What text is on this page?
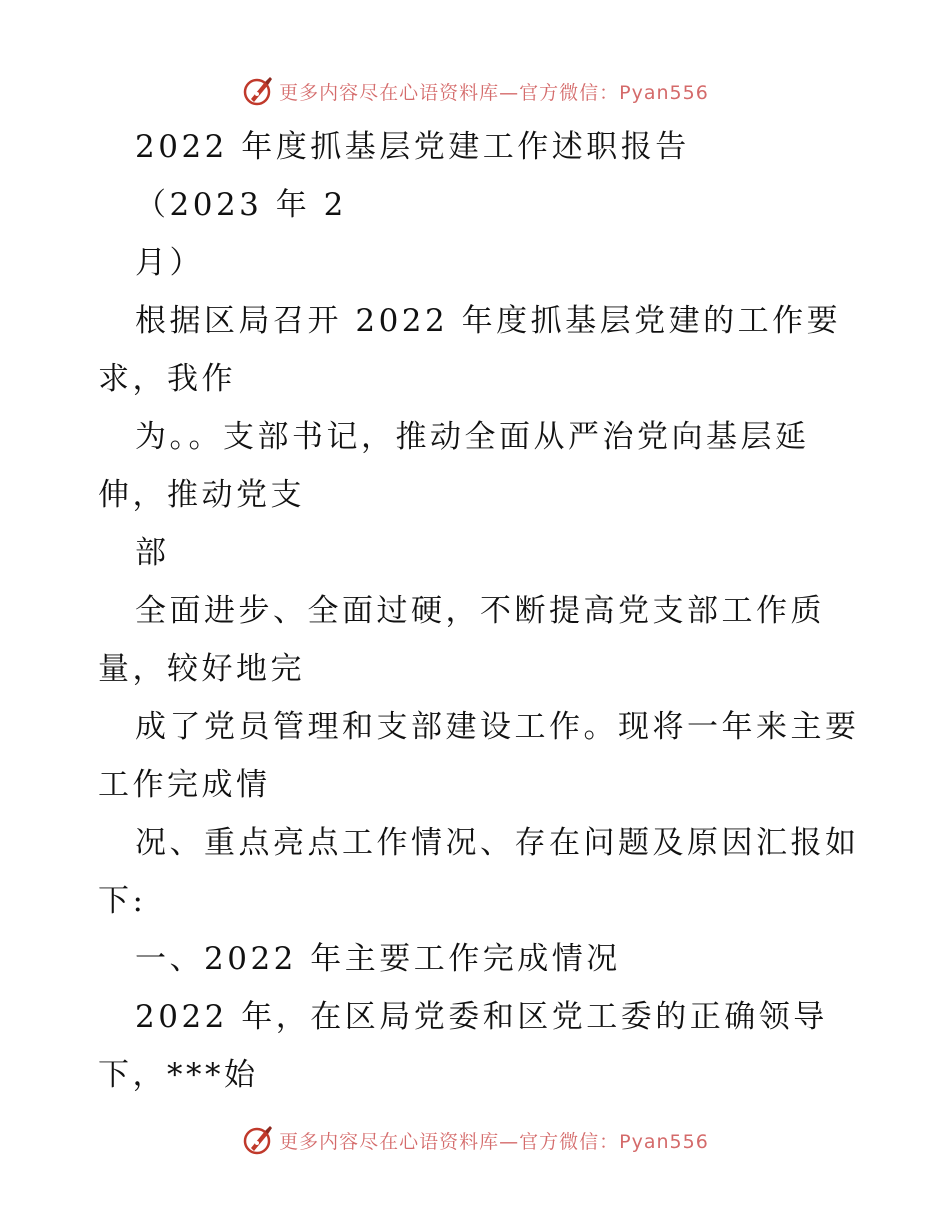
更多内容尽在心语资料库—官方微信：Pyan556
2022 年度抓基层党建工作述职报告
（2023 年 2
月）
根据区局召开 2022 年度抓基层党建的工作要
求，我作
为。。支部书记，推动全面从严治党向基层延
伸，推动党支
部
全面进步、全面过硬，不断提高党支部工作质
量，较好地完
成了党员管理和支部建设工作。现将一年来主要
工作完成情
况、重点亮点工作情况、存在问题及原因汇报如
下:
一、2022 年主要工作完成情况
2022 年，在区局党委和区党工委的正确领导
下，***始
更多内容尽在心语资料库—官方微信：Pyan556
